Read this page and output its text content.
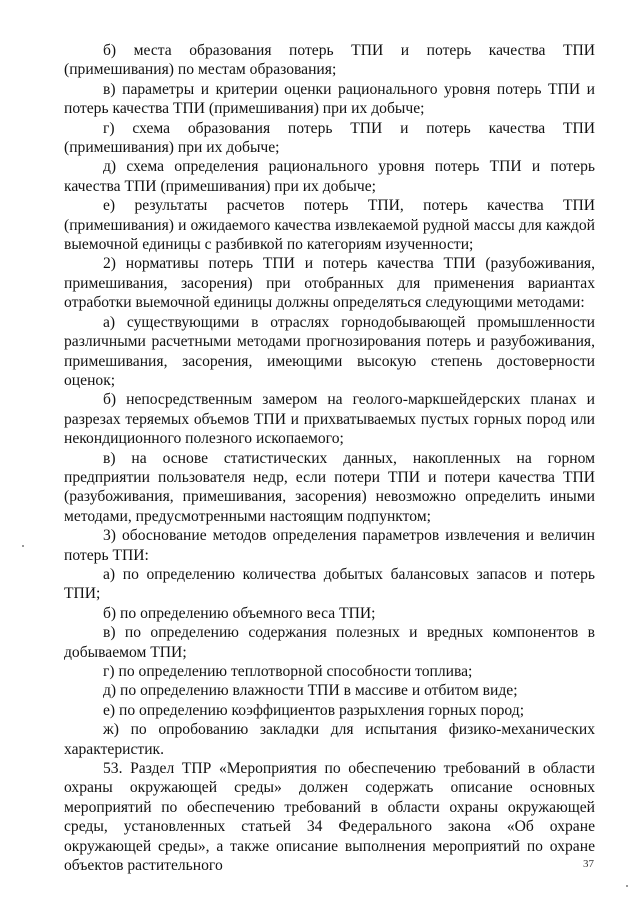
б) места образования потерь ТПИ и потерь качества ТПИ (примешивания) по местам образования;

в) параметры и критерии оценки рационального уровня потерь ТПИ и потерь качества ТПИ (примешивания) при их добыче;

г) схема образования потерь ТПИ и потерь качества ТПИ (примешивания) при их добыче;

д) схема определения рационального уровня потерь ТПИ и потерь качества ТПИ (примешивания) при их добыче;

е) результаты расчетов потерь ТПИ, потерь качества ТПИ (примешивания) и ожидаемого качества извлекаемой рудной массы для каждой выемочной единицы с разбивкой по категориям изученности;

2) нормативы потерь ТПИ и потерь качества ТПИ (разубоживания, примешивания, засорения) при отобранных для применения вариантах отработки выемочной единицы должны определяться следующими методами:

а) существующими в отраслях горнодобывающей промышленности различными расчетными методами прогнозирования потерь и разубоживания, примешивания, засорения, имеющими высокую степень достоверности оценок;

б) непосредственным замером на геолого-маркшейдерских планах и разрезах теряемых объемов ТПИ и прихватываемых пустых горных пород или некондиционного полезного ископаемого;

в) на основе статистических данных, накопленных на горном предприятии пользователя недр, если потери ТПИ и потери качества ТПИ (разубоживания, примешивания, засорения) невозможно определить иными методами, предусмотренными настоящим подпунктом;

3) обоснование методов определения параметров извлечения и величин потерь ТПИ:

а) по определению количества добытых балансовых запасов и потерь ТПИ;

б) по определению объемного веса ТПИ;

в) по определению содержания полезных и вредных компонентов в добываемом ТПИ;

г) по определению теплотворной способности топлива;

д) по определению влажности ТПИ в массиве и отбитом виде;

е) по определению коэффициентов разрыхления горных пород;

ж) по опробованию закладки для испытания физико-механических характеристик.

53. Раздел ТПР «Мероприятия по обеспечению требований в области охраны окружающей среды» должен содержать описание основных мероприятий по обеспечению требований в области охраны окружающей среды, установленных статьей 34 Федерального закона «Об охране окружающей среды», а также описание выполнения мероприятий по охране объектов растительного	37
